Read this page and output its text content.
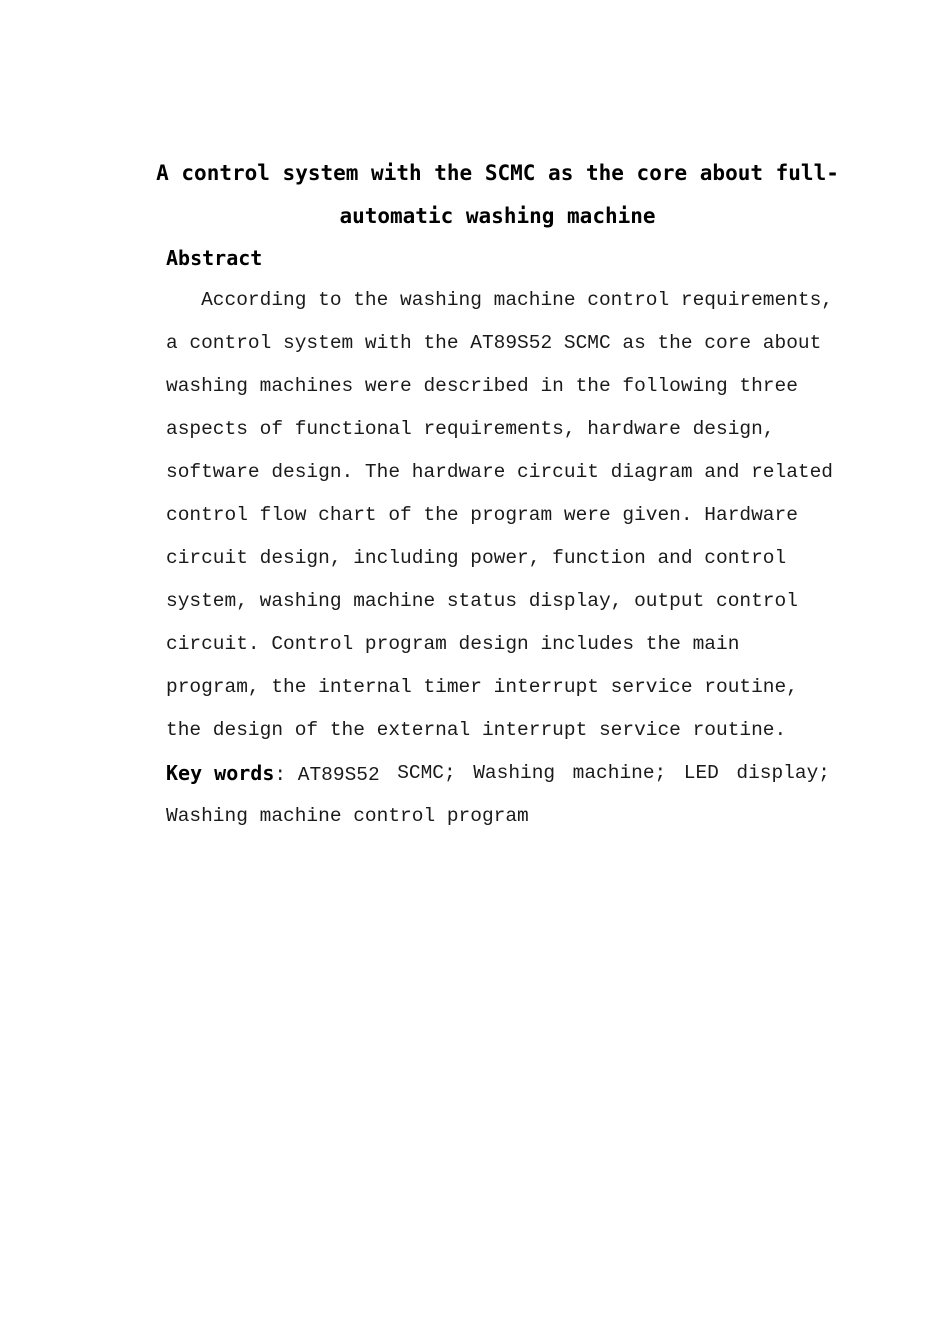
A control system with the SCMC as the core about full-
automatic washing machine
Abstract

According to the washing machine control requirements,

a control system with the AT89S52 SCMC as the core about

washing machines were described in the following three

aspects of functional requirements, hardware design,

software design. The hardware circuit diagram and related

control flow chart of the program were given. Hardware

circuit design, including power, function and control

system, washing machine status display, output control

circuit. Control program design includes the main

program, the internal timer interrupt service routine,

the design of the external interrupt service routine.

Key words: AT89S52 SCMC; Washing machine; LED display;
Washing machine control program
